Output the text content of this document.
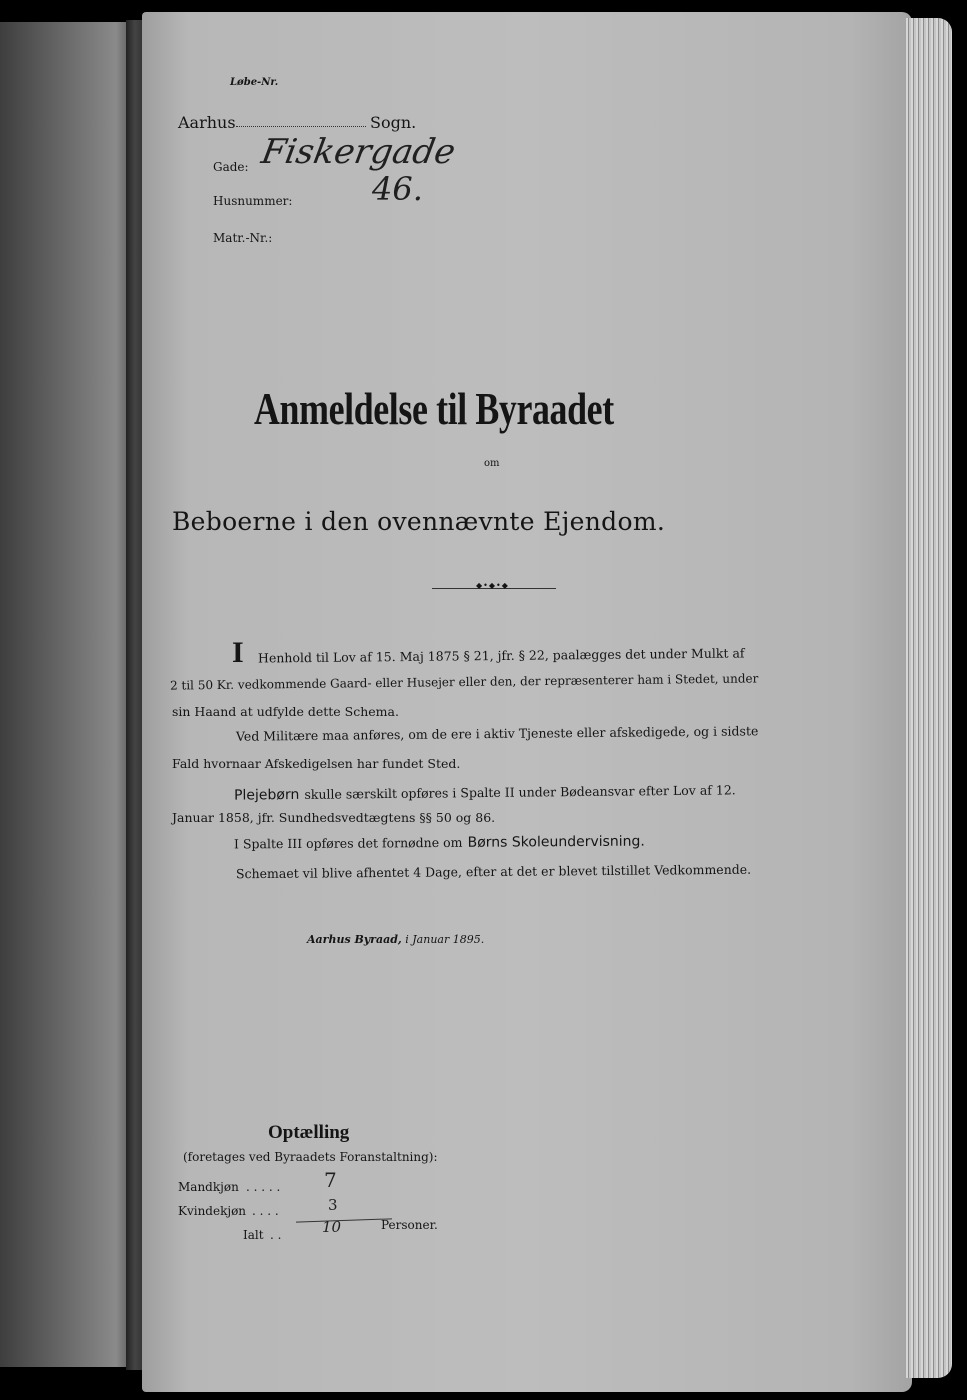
Løbe-Nr.
Aarhus	Sogn.
Gade: Fiskergade
Husnummer: 46.
Matr.-Nr.:
Anmeldelse til Byraadet
om
Beboerne i den ovennævnte Ejendom.
◆•◆•◆
I Henhold til Lov af 15. Maj 1875 § 21, jfr. § 22, paalægges det under Mulkt af
2 til 50 Kr. vedkommende Gaard- eller Husejer eller den, der repræsenterer ham i Stedet, under
sin Haand at udfylde dette Schema.
Ved Militære maa anføres, om de ere i aktiv Tjeneste eller afskedigede, og i sidste
Fald hvornaar Afskedigelsen har fundet Sted.
Plejebørn skulle særskilt opføres i Spalte II under Bødeansvar efter Lov af 12.
Januar 1858, jfr. Sundhedsvedtægtens §§ 50 og 86.
I Spalte III opføres det fornødne om Børns Skoleundervisning.
Schemaet vil blive afhentet 4 Dage, efter at det er blevet tilstillet Vedkommende.
Aarhus Byraad, i Januar 1895.
Optælling
(foretages ved Byraadets Foranstaltning):
Mandkjøn . . . . . 7
Kvindekjøn . . . .	3
Ialt . .	10	Personer.
